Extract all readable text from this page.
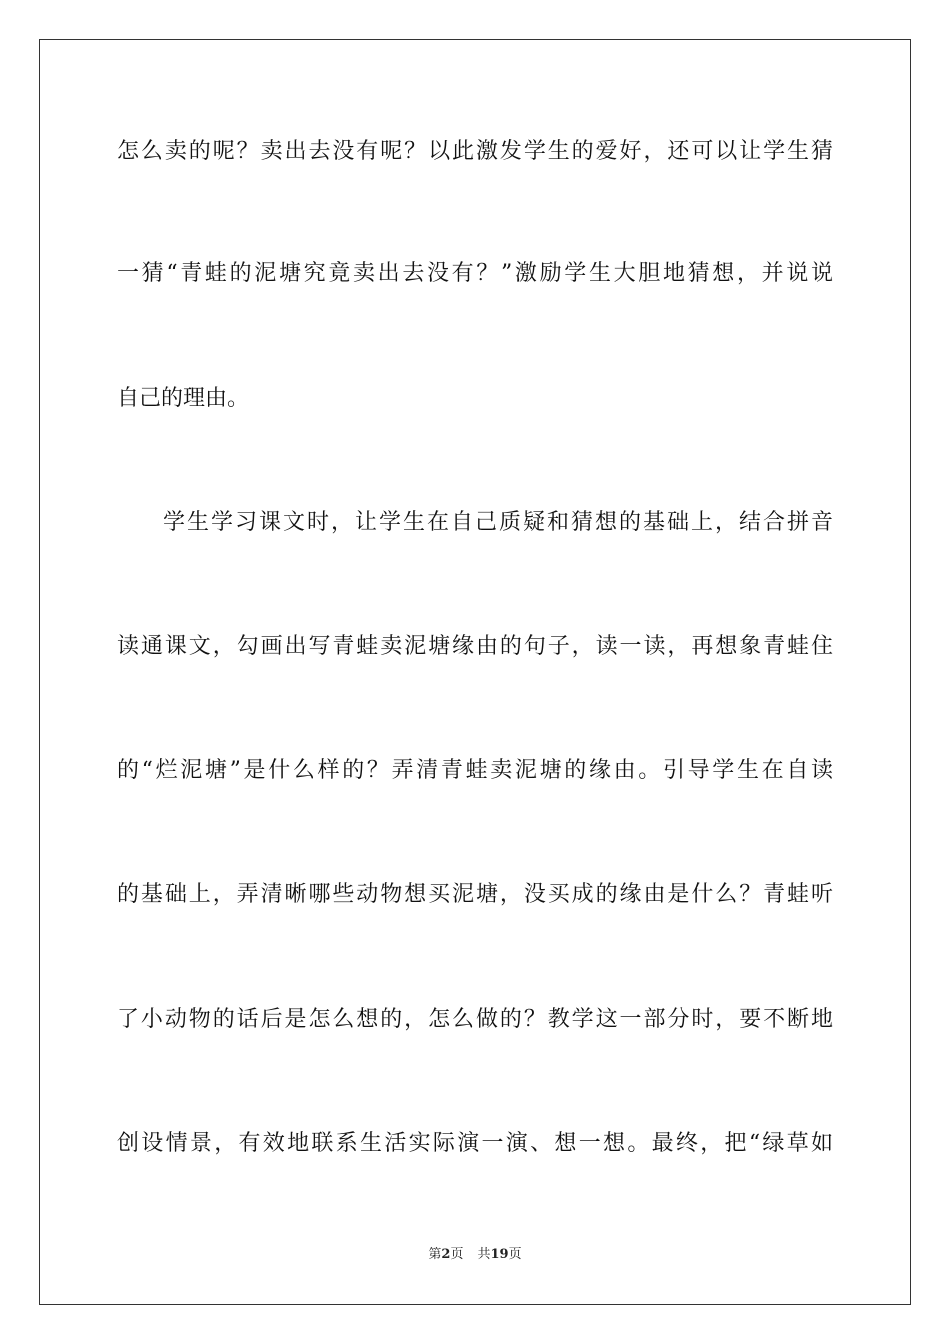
怎么卖的呢？卖出去没有呢？以此激发学生的爱好，还可以让学生猜
一猜“青蛙的泥塘究竟卖出去没有？”激励学生大胆地猜想，并说说
自己的理由。
学生学习课文时，让学生在自己质疑和猜想的基础上，结合拼音
读通课文，勾画出写青蛙卖泥塘缘由的句子，读一读，再想象青蛙住
的“烂泥塘”是什么样的？弄清青蛙卖泥塘的缘由。引导学生在自读
的基础上，弄清晰哪些动物想买泥塘，没买成的缘由是什么？青蛙听
了小动物的话后是怎么想的，怎么做的？教学这一部分时，要不断地
创设情景，有效地联系生活实际演一演、想一想。最终，把“绿草如
第2页 共19页
